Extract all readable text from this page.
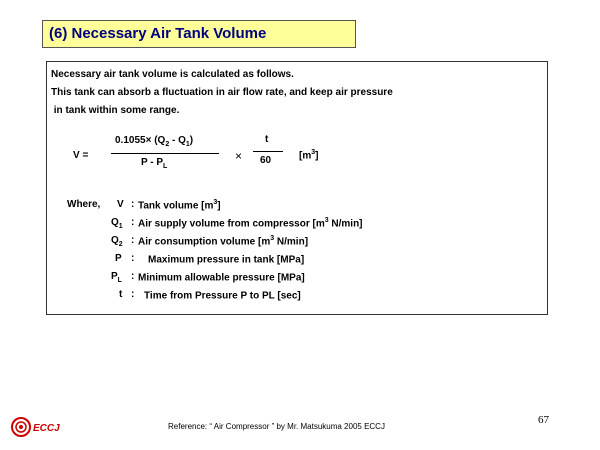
(6) Necessary Air Tank Volume
Necessary air tank volume is calculated as follows.
This tank can absorb a fluctuation in air flow rate, and keep air pressure
in tank within some range.
V =
$0.1055\times (Q_2 - Q_1)$
P - $P_L$
×
t
60	$[m^3]$
Where, V : Tank volume $[m^3]$
$Q_1$ : Air supply volume from compressor [$m^3$ N/min]
$Q_2$ : Air consumption volume [$m^3$ N/min]
P : Maximum pressure in tank [MPa]
$P_L$ : Minimum allowable pressure [MPa]
t : Time from Pressure P to PL [sec]
ECCJ	Reference: “ Air Compressor ” by Mr. Matsukuma 2005 ECCJ
67
